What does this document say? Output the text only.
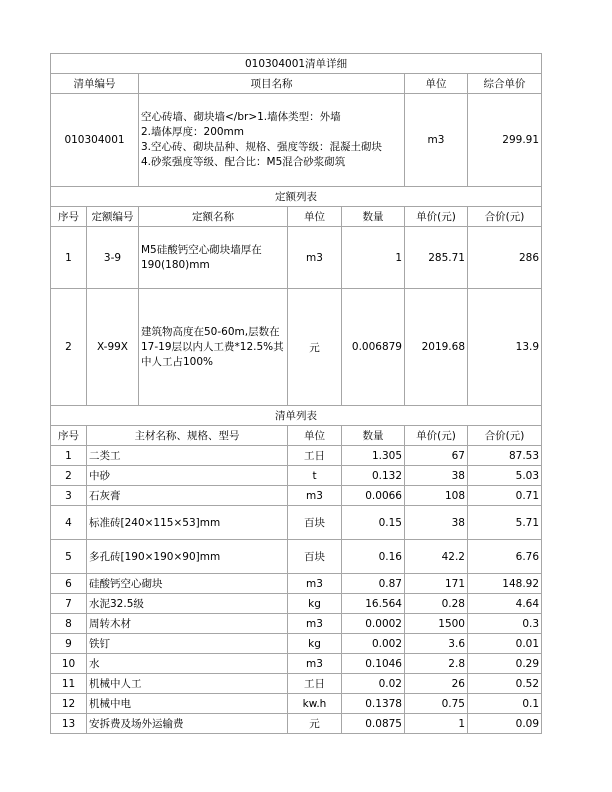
010304001清单详细						
清单编号		项目名称			单位	综合单价
010304001		空心砖墙、砌块墙</br>1.墙体类型：外墙
2.墙体厚度：200mm
3.空心砖、砌块品种、规格、强度等级：混凝土砌块
4.砂浆强度等级、配合比：M5混合砂浆砌筑			m3	299.91
定额列表						
序号	定额编号	定额名称	单位	数量	单价(元)	合价(元)
1	3-9	M5硅酸钙空心砌块墙厚在190(180)mm	m3	1	285.71	286
2	X-99X	建筑物高度在50-60m,层数在17-19层以内人工费*12.5%其中人工占100%	元	0.006879	2019.68	13.9
清单列表						
序号	主材名称、规格、型号		单位	数量	单价(元)	合价(元)
1	二类工		工日	1.305	67	87.53
2	中砂		t	0.132	38	5.03
3	石灰膏		m3	0.0066	108	0.71
4	标准砖[240×115×53]mm		百块	0.15	38	5.71
5	多孔砖[190×190×90]mm		百块	0.16	42.2	6.76
6	硅酸钙空心砌块		m3	0.87	171	148.92
7	水泥32.5级		kg	16.564	0.28	4.64
8	周转木材		m3	0.0002	1500	0.3
9	铁钉		kg	0.002	3.6	0.01
10	水		m3	0.1046	2.8	0.29
11	机械中人工		工日	0.02	26	0.52
12	机械中电		kw.h	0.1378	0.75	0.1
13	安拆费及场外运输费		元	0.0875	1	0.09
